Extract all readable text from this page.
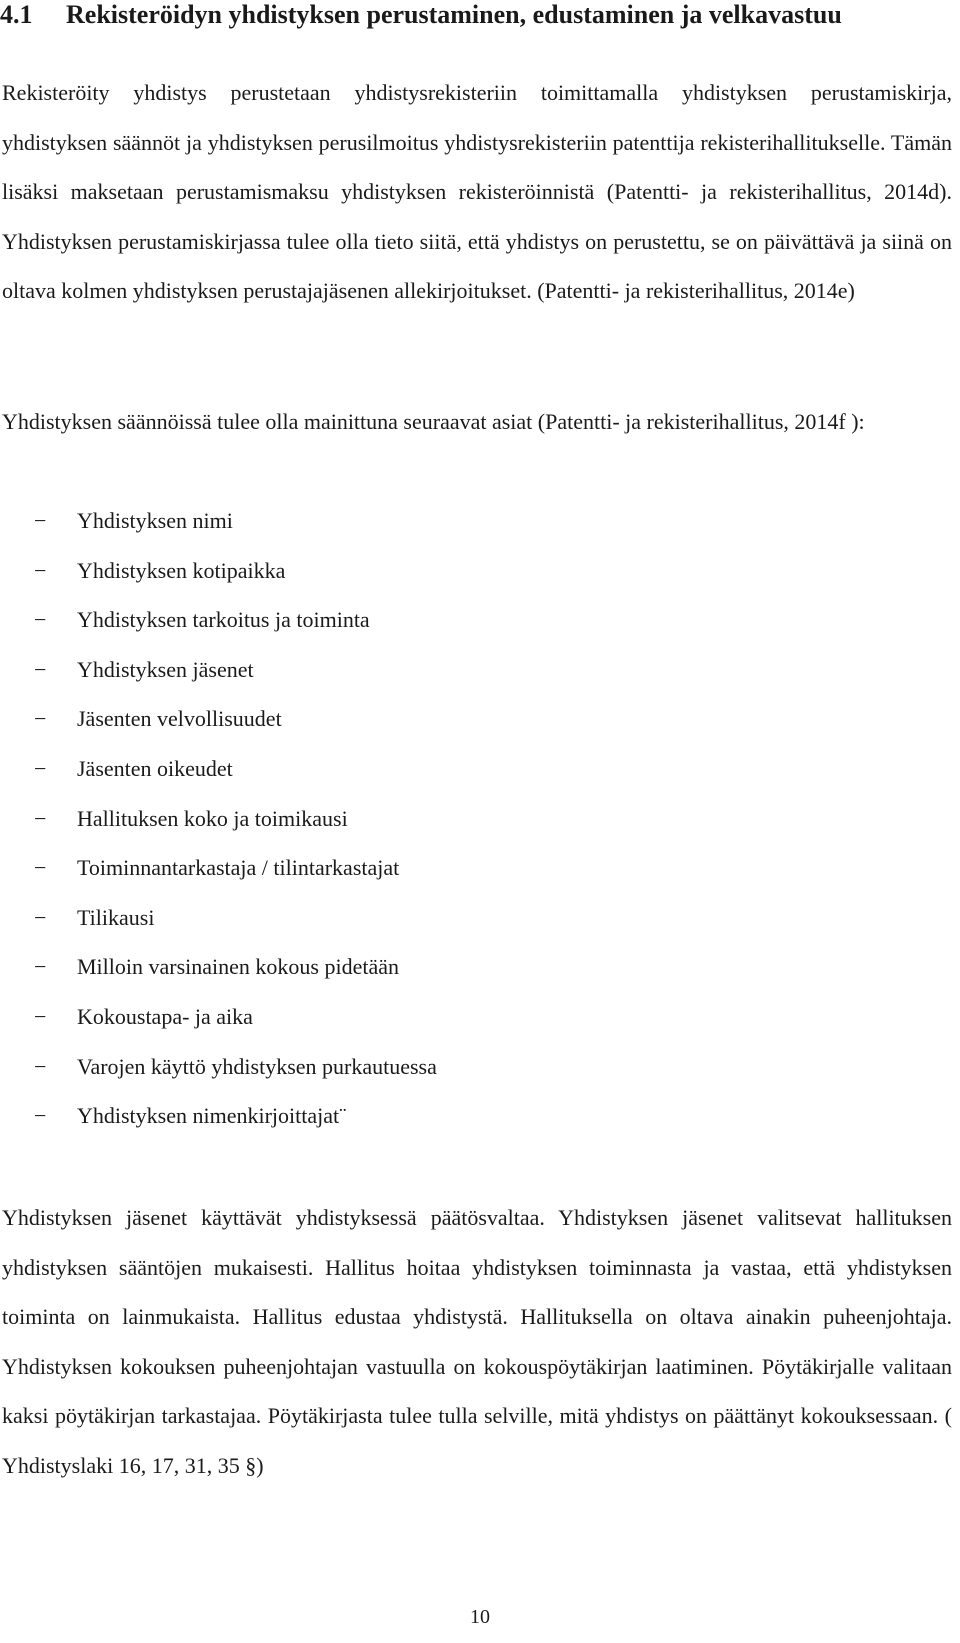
4.1 Rekisteröidyn yhdistyksen perustaminen, edustaminen ja velkavastuu

Rekisteröity yhdistys perustetaan yhdistysrekisteriin toimittamalla yhdistyksen perustamiskirja, yhdistyksen säännöt ja yhdistyksen perusilmoitus yhdistysrekisteriin patenttija rekisterihallitukselle. Tämän lisäksi maksetaan perustamismaksu yhdistyksen rekisteröinnistä (Patentti- ja rekisterihallitus, 2014d). Yhdistyksen perustamiskirjassa tulee olla tieto siitä, että yhdistys on perustettu, se on päivättävä ja siinä on oltava kolmen yhdistyksen perustajajäsenen allekirjoitukset. (Patentti- ja rekisterihallitus, 2014e)

Yhdistyksen säännöissä tulee olla mainittuna seuraavat asiat (Patentti- ja rekisterihallitus, 2014f ):

− Yhdistyksen nimi
− Yhdistyksen kotipaikka
− Yhdistyksen tarkoitus ja toiminta
− Yhdistyksen jäsenet
− Jäsenten velvollisuudet
− Jäsenten oikeudet
− Hallituksen koko ja toimikausi
− Toiminnantarkastaja / tilintarkastajat
− Tilikausi
− Milloin varsinainen kokous pidetään
− Kokoustapa- ja aika
− Varojen käyttö yhdistyksen purkautuessa
− Yhdistyksen nimenkirjoittajat¨

Yhdistyksen jäsenet käyttävät yhdistyksessä päätösvaltaa. Yhdistyksen jäsenet valitsevat hallituksen yhdistyksen sääntöjen mukaisesti. Hallitus hoitaa yhdistyksen toiminnasta ja vastaa, että yhdistyksen toiminta on lainmukaista. Hallitus edustaa yhdistystä. Hallituksella on oltava ainakin puheenjohtaja. Yhdistyksen kokouksen puheenjohtajan vastuulla on kokouspöytäkirjan laatiminen. Pöytäkirjalle valitaan kaksi pöytäkirjan tarkastajaa. Pöytäkirjasta tulee tulla selville, mitä yhdistys on päättänyt kokouksessaan. ( Yhdistyslaki 16, 17, 31, 35 §)

10
